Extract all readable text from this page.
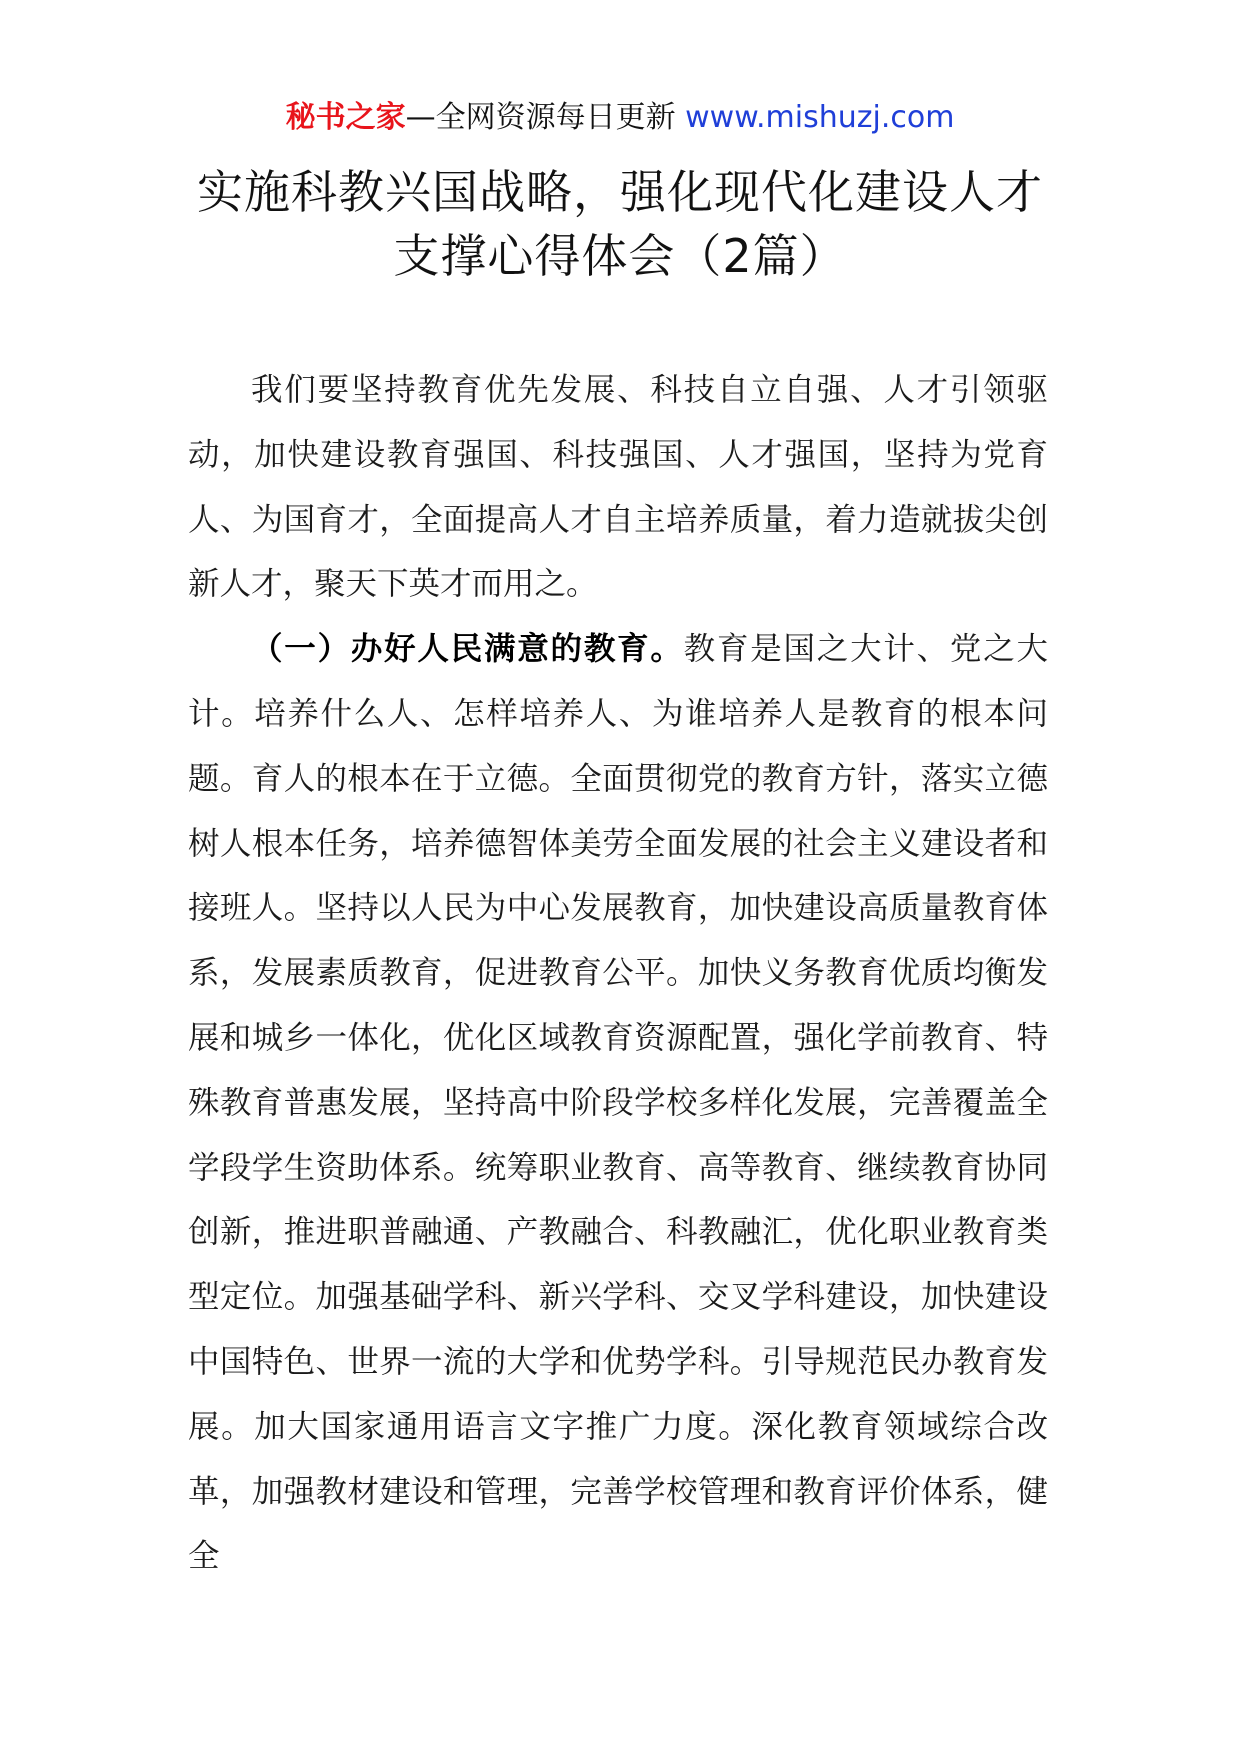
秘书之家—全网资源每日更新 www.mishuzj.com
实施科教兴国战略，强化现代化建设人才
支撑心得体会（2篇）

我们要坚持教育优先发展、科技自立自强、人才引领驱动，加快建设教育强国、科技强国、人才强国，坚持为党育人、为国育才，全面提高人才自主培养质量，着力造就拔尖创新人才，聚天下英才而用之。

（一）办好人民满意的教育。教育是国之大计、党之大计。培养什么人、怎样培养人、为谁培养人是教育的根本问题。育人的根本在于立德。全面贯彻党的教育方针，落实立德树人根本任务，培养德智体美劳全面发展的社会主义建设者和接班人。坚持以人民为中心发展教育，加快建设高质量教育体系，发展素质教育，促进教育公平。加快义务教育优质均衡发展和城乡一体化，优化区域教育资源配置，强化学前教育、特殊教育普惠发展，坚持高中阶段学校多样化发展，完善覆盖全学段学生资助体系。统筹职业教育、高等教育、继续教育协同创新，推进职普融通、产教融合、科教融汇，优化职业教育类型定位。加强基础学科、新兴学科、交叉学科建设，加快建设中国特色、世界一流的大学和优势学科。引导规范民办教育发展。加大国家通用语言文字推广力度。深化教育领域综合改革，加强教材建设和管理，完善学校管理和教育评价体系，健全
